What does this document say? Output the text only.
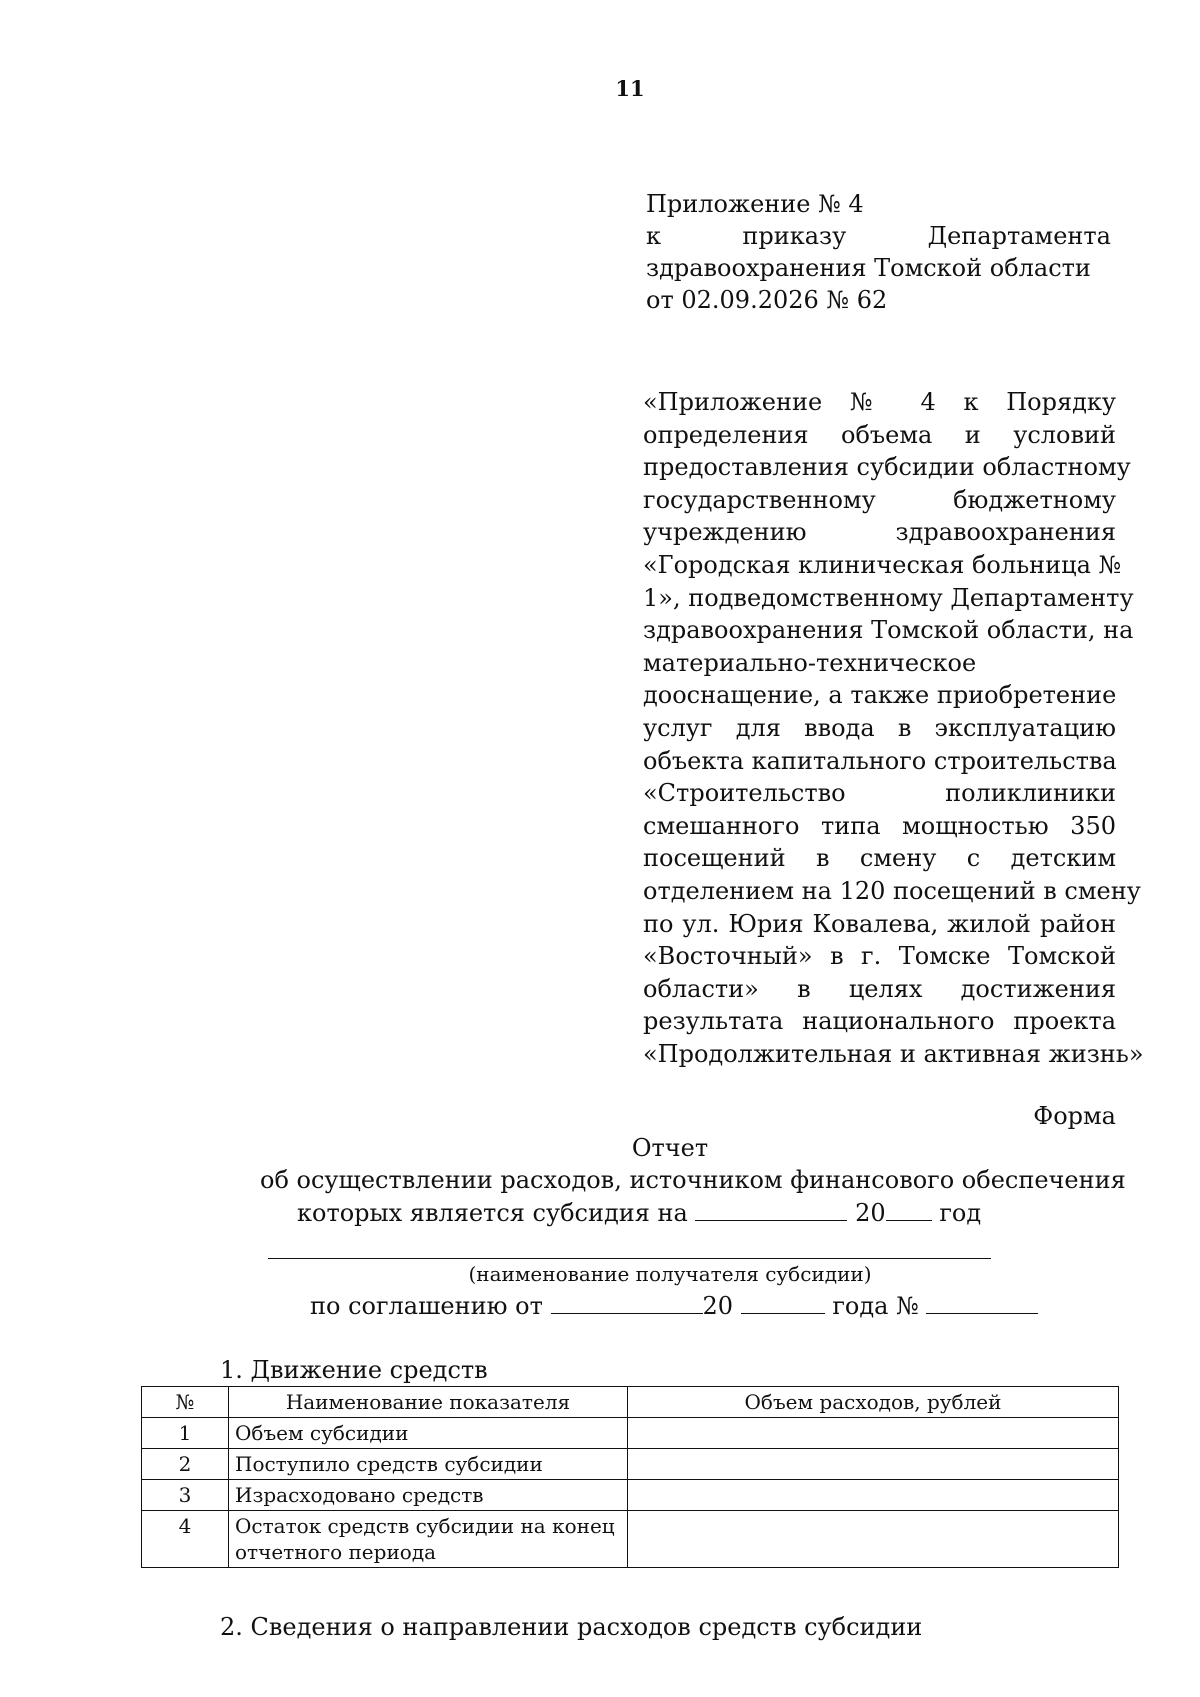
11
Приложение № 4
к	приказу	Департамента
здравоохранения Томской области
от 02.09.2026 № 62
«Приложение № 4 к Порядку
определения объема и условий
предоставления субсидии областному
государственному бюджетному
учреждению здравоохранения
«Городская клиническая больница №
1», подведомственному Департаменту
здравоохранения Томской области, на
материально-техническое
дооснащение, а также приобретение
услуг для ввода в эксплуатацию
объекта капитального строительства
«Строительство поликлиники
смешанного типа мощностью 350
посещений в смену с детским
отделением на 120 посещений в смену
по ул. Юрия Ковалева, жилой район
«Восточный» в г. Томске Томской
области» в целях достижения
результата национального проекта
«Продолжительная и активная жизнь»
Форма
Отчет
об осуществлении расходов, источником финансового обеспечения
которых является субсидия на	20 год
(наименование получателя субсидии)
по соглашению от	20	года №
1. Движение средств
№	Наименование показателя	Объем расходов, рублей
1	Объем субсидии	
2	Поступило средств субсидии	
3	Израсходовано средств	
4	Остаток средств субсидии на конец отчетного периода	
2. Сведения о направлении расходов средств субсидии
